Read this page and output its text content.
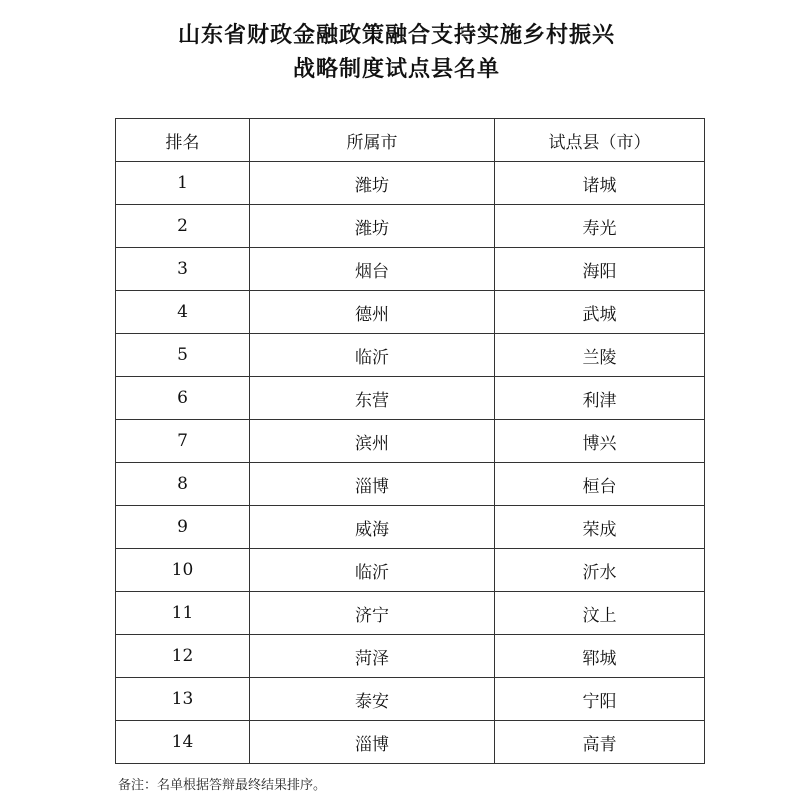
山东省财政金融政策融合支持实施乡村振兴
战略制度试点县名单
排名	所属市	试点县（市）
1	潍坊	诸城
2	潍坊	寿光
3	烟台	海阳
4	德州	武城
5	临沂	兰陵
6	东营	利津
7	滨州	博兴
8	淄博	桓台
9	威海	荣成
10	临沂	沂水
11	济宁	汶上
12	菏泽	郓城
13	泰安	宁阳
14	淄博	高青
备注：名单根据答辩最终结果排序。
